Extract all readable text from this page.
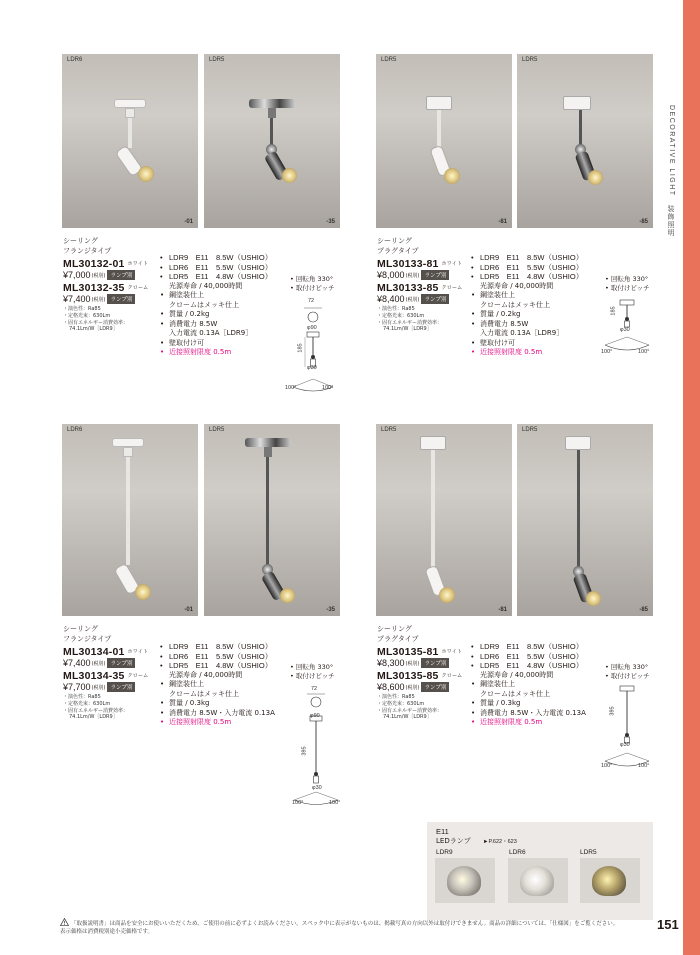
DECORATIVE LIGHT装飾照明
LDR6
-01
LDR5
-35
シーリング
フランジタイプ
ML30132-01 ホワイト
¥7,000(税別) ランプ別
ML30132-35 クローム
¥7,400(税別) ランプ別
・演色性：Ra85
・定格光束：630Lm
・固有エネルギー消費効率：
74.1Lm/W［LDR9］
• LDR9　E11　8.5W（USHIO）
• LDR6　E11　5.5W（USHIO）
• LDR5　E11　4.8W（USHIO）
光源寿命 / 40,000時間
• 鋼塗装仕上
クロームはメッキ仕上
• 質量 / 0.2kg
• 消費電力 8.5W
入力電流 0.13A［LDR9］
• 壁取付け可
• 近接照射限度 0.5m
• 回転角 330°
• 取付けピッチ
72
φ90
185
φ30
100°	100°
LDR5
-81
LDR5
-85
シーリング
プラグタイプ
ML30133-81 ホワイト
¥8,000(税別) ランプ別
ML30133-85 クローム
¥8,400(税別) ランプ別
・演色性：Ra85
・定格光束：630Lm
・固有エネルギー消費効率：
74.1Lm/W［LDR9］
• LDR9　E11　8.5W（USHIO）
• LDR6　E11　5.5W（USHIO）
• LDR5　E11　4.8W（USHIO）
光源寿命 / 40,000時間
• 鋼塗装仕上
クロームはメッキ仕上
• 質量 / 0.2kg
• 消費電力 8.5W
入力電流 0.13A［LDR9］
• 壁取付け可
• 近接照射限度 0.5m
• 回転角 330°
• 取付けピッチ
185
φ30
100°	100°
LDR6
-01
LDR5
-35
シーリング
フランジタイプ
ML30134-01 ホワイト
¥7,400(税別) ランプ別
ML30134-35 クローム
¥7,700(税別) ランプ別
・演色性：Ra85
・定格光束：630Lm
・固有エネルギー消費効率：
74.1Lm/W［LDR9］
• LDR9　E11　8.5W（USHIO）
• LDR6　E11　5.5W（USHIO）
• LDR5　E11　4.8W（USHIO）
光源寿命 / 40,000時間
• 鋼塗装仕上
クロームはメッキ仕上
• 質量 / 0.3kg
• 消費電力 8.5W・入力電流 0.13A
• 近接照射限度 0.5m
• 回転角 330°
• 取付けピッチ
72
φ90
395
φ30
100°	100°
LDR5
-81
LDR5
-85
シーリング
プラグタイプ
ML30135-81 ホワイト
¥8,300(税別) ランプ別
ML30135-85 クローム
¥8,600(税別) ランプ別
・演色性：Ra85
・定格光束：630Lm
・固有エネルギー消費効率：
74.1Lm/W［LDR9］
• LDR9　E11　8.5W（USHIO）
• LDR6　E11　5.5W（USHIO）
• LDR5　E11　4.8W（USHIO）
光源寿命 / 40,000時間
• 鋼塗装仕上
クロームはメッキ仕上
• 質量 / 0.3kg
• 消費電力 8.5W・入力電流 0.13A
• 近接照射限度 0.5m
• 回転角 330°
• 取付けピッチ
395
φ30
100°	100°
E11
LEDランプ ►P.622・623
LDR9	LDR6	LDR5
「取扱説明書」は商品を安全にお使いいただくため、ご使用の前に必ずよくお読みください。スペック中に表示がないものは、掲載写真の方向以外は取付けできません。商品の詳細については、「仕様図」をご覧ください。
表示価格は消費税別途小売価格です。	151
